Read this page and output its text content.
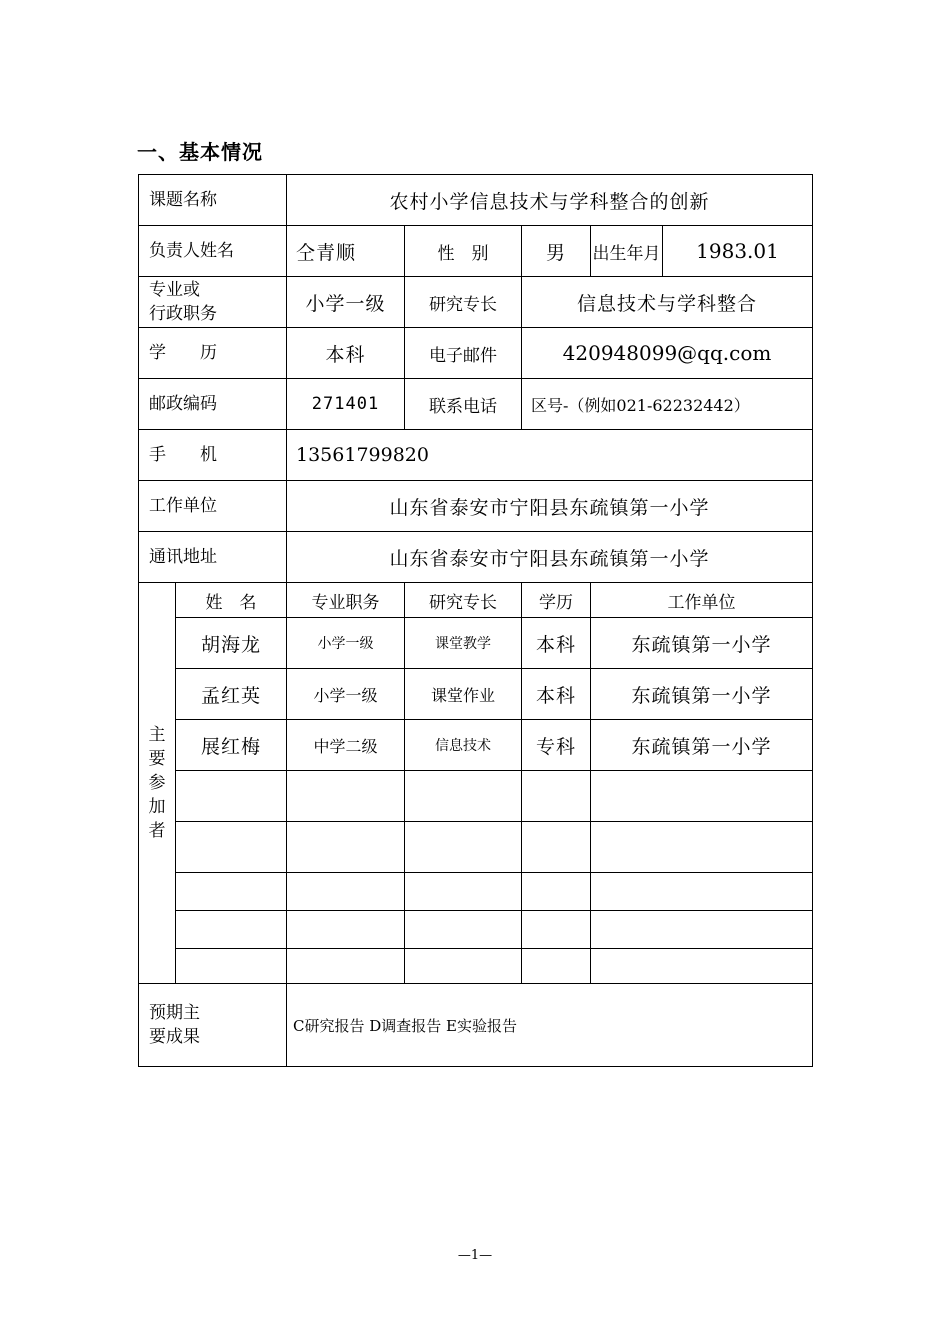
一、基本情况
课题名称		农村小学信息技术与学科整合的创新				
负责人姓名		仝青顺	性　别	男	出生年月	1983.01

专业或
行政职务		小学一级	研究专长	信息技术与学科整合		
学　　历		本科	电子邮件	420948099@qq.com		
邮政编码		271401	联系电话	区号-（例如021-62232442）		
手　　机		13561799820				
工作单位		山东省泰安市宁阳县东疏镇第一小学				
通讯地址		山东省泰安市宁阳县东疏镇第一小学				

主
要
参
加
者	姓　名	专业职务	研究专长	学历	工作单位	
	胡海龙	小学一级	课堂教学	本科	东疏镇第一小学	
	孟红英	小学一级	课堂作业	本科	东疏镇第一小学	
	展红梅	中学二级	信息技术	专科	东疏镇第一小学	

预期主
要成果		C研究报告 D调查报告 E实验报告				
—1—
